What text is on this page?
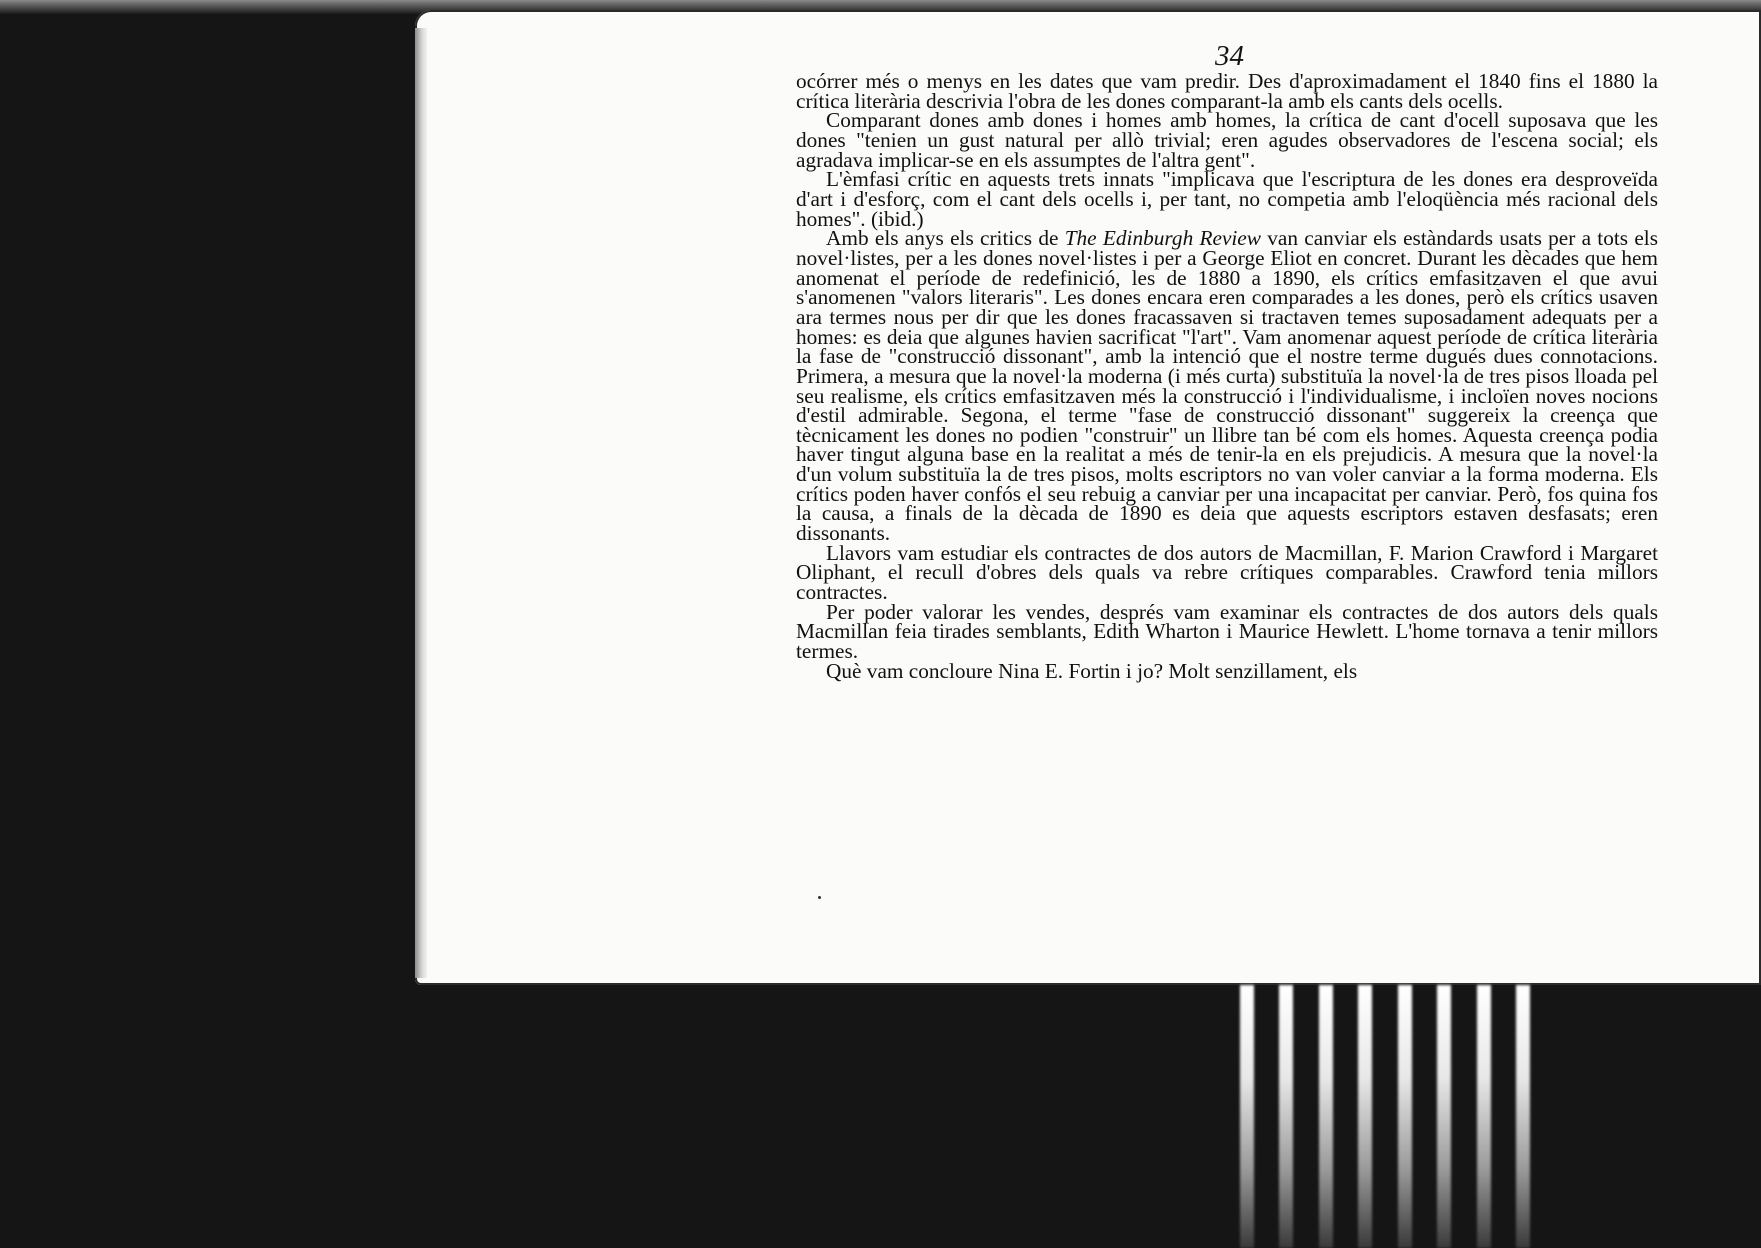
34

ocórrer més o menys en les dates que vam predir. Des d'aproximadament el 1840 fins el 1880 la crítica literària descrivia l'obra de les dones comparant-la amb els cants dels ocells.

Comparant dones amb dones i homes amb homes, la crítica de cant d'ocell suposava que les dones "tenien un gust natural per allò trivial; eren agudes observadores de l'escena social; els agradava implicar-se en els assumptes de l'altra gent".

L'èmfasi crític en aquests trets innats "implicava que l'escriptura de les dones era desproveïda d'art i d'esforç, com el cant dels ocells i, per tant, no competia amb l'eloqüència més racional dels homes". (ibid.)

Amb els anys els critics de The Edinburgh Review van canviar els estàndards usats per a tots els novel·listes, per a les dones novel·listes i per a George Eliot en concret. Durant les dècades que hem anomenat el període de redefinició, les de 1880 a 1890, els crítics emfasitzaven el que avui s'anomenen "valors literaris". Les dones encara eren comparades a les dones, però els crítics usaven ara termes nous per dir que les dones fracassaven si tractaven temes suposadament adequats per a homes: es deia que algunes havien sacrificat "l'art". Vam anomenar aquest període de crítica literària la fase de "construcció dissonant", amb la intenció que el nostre terme dugués dues connotacions. Primera, a mesura que la novel·la moderna (i més curta) substituïa la novel·la de tres pisos lloada pel seu realisme, els crítics emfasitzaven més la construcció i l'individualisme, i incloïen noves nocions d'estil admirable. Segona, el terme "fase de construcció dissonant" suggereix la creença que tècnicament les dones no podien "construir" un llibre tan bé com els homes. Aquesta creença podia haver tingut alguna base en la realitat a més de tenir-la en els prejudicis. A mesura que la novel·la d'un volum substituïa la de tres pisos, molts escriptors no van voler canviar a la forma moderna. Els crítics poden haver confós el seu rebuig a canviar per una incapacitat per canviar. Però, fos quina fos la causa, a finals de la dècada de 1890 es deia que aquests escriptors estaven desfasats; eren dissonants.

Llavors vam estudiar els contractes de dos autors de Macmillan, F. Marion Crawford i Margaret Oliphant, el recull d'obres dels quals va rebre crítiques comparables. Crawford tenia millors contractes.

Per poder valorar les vendes, després vam examinar els contractes de dos autors dels quals Macmillan feia tirades semblants, Edith Wharton i Maurice Hewlett. L'home tornava a tenir millors termes.

Què vam concloure Nina E. Fortin i jo? Molt senzillament, els
